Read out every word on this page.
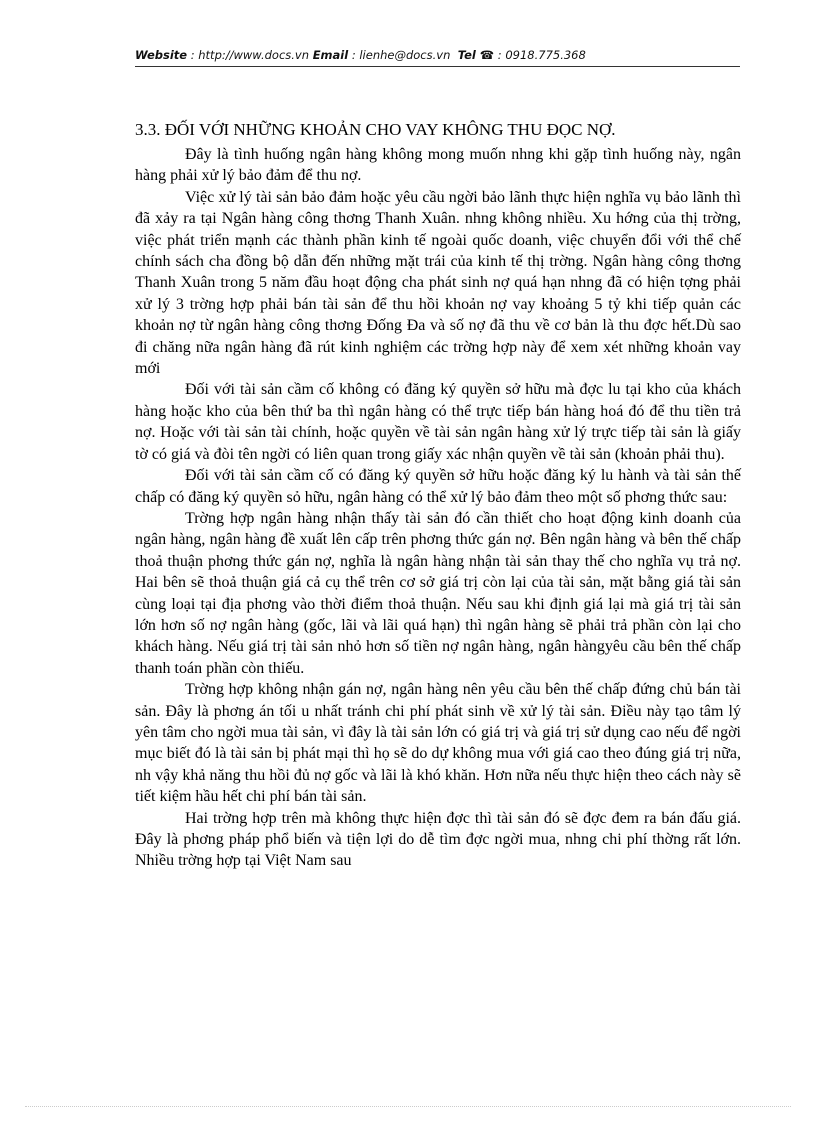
Website : http://www.docs.vn Email : lienhe@docs.vn Tel ☎ : 0918.775.368
3.3. ĐỐI VỚI NHỮNG KHOẢN CHO VAY KHÔNG THU ĐỌC NỢ.

Đây là tình huống ngân hàng không mong muốn nhng khi gặp tình huống này, ngân hàng phải xử lý bảo đảm để thu nợ.

Việc xử lý tài sản bảo đảm hoặc yêu cầu ngời bảo lãnh thực hiện nghĩa vụ bảo lãnh thì đã xảy ra tại Ngân hàng công thơng Thanh Xuân. nhng không nhiều. Xu hớng của thị trờng, việc phát triển mạnh các thành phần kinh tế ngoài quốc doanh, việc chuyển đổi với thể chế chính sách cha đồng bộ dẫn đến những mặt trái của kinh tế thị trờng. Ngân hàng công thơng Thanh Xuân trong 5 năm đầu hoạt động cha phát sinh nợ quá hạn nhng đã có hiện tợng phải xử lý 3 trờng hợp phải bán tài sản để thu hồi khoản nợ vay khoảng 5 tỷ khi tiếp quản các khoản nợ từ ngân hàng công thơng Đống Đa và số nợ đã thu về cơ bản là thu đợc hết.Dù sao đi chăng nữa ngân hàng đã rút kinh nghiệm các trờng hợp này để xem xét những khoản vay mới

Đối với tài sản cầm cố không có đăng ký quyền sở hữu mà đợc lu tại kho của khách hàng hoặc kho của bên thứ ba thì ngân hàng có thể trực tiếp bán hàng hoá đó để thu tiền trả nợ. Hoặc với tài sản tài chính, hoặc quyền về tài sản ngân hàng xử lý trực tiếp tài sản là giấy tờ có giá và đòi tên ngời có liên quan trong giấy xác nhận quyền về tài sản (khoản phải thu).

Đối với tài sản cầm cố có đăng ký quyền sở hữu hoặc đăng ký lu hành và tài sản thế chấp có đăng ký quyền sỏ hữu, ngân hàng có thể xử lý bảo đảm theo một số phơng thức sau:

Trờng hợp ngân hàng nhận thấy tài sản đó cần thiết cho hoạt động kinh doanh của ngân hàng, ngân hàng đề xuất lên cấp trên phơng thức gán nợ. Bên ngân hàng và bên thế chấp thoả thuận phơng thức gán nợ, nghĩa là ngân hàng nhận tài sản thay thế cho nghĩa vụ trả nợ. Hai bên sẽ thoả thuận giá cả cụ thể trên cơ sở giá trị còn lại của tài sản, mặt bằng giá tài sản cùng loại tại địa phơng vào thời điểm thoả thuận. Nếu sau khi định giá lại mà giá trị tài sản lớn hơn số nợ ngân hàng (gốc, lãi và lãi quá hạn) thì ngân hàng sẽ phải trả phần còn lại cho khách hàng. Nếu giá trị tài sản nhỏ hơn số tiền nợ ngân hàng, ngân hàngyêu cầu bên thế chấp thanh toán phần còn thiếu.

Trờng hợp không nhận gán nợ, ngân hàng nên yêu cầu bên thế chấp đứng chủ bán tài sản. Đây là phơng án tối u nhất tránh chi phí phát sinh về xử lý tài sản. Điều này tạo tâm lý yên tâm cho ngời mua tài sản, vì đây là tài sản lớn có giá trị và giá trị sử dụng cao nếu để ngời mục biết đó là tài sản bị phát mại thì họ sẽ do dự không mua với giá cao theo đúng giá trị nữa, nh vậy khả năng thu hồi đủ nợ gốc và lãi là khó khăn. Hơn nữa nếu thực hiện theo cách này sẽ tiết kiệm hầu hết chi phí bán tài sản.

Hai trờng hợp trên mà không thực hiện đợc thì tài sản đó sẽ đợc đem ra bán đấu giá. Đây là phơng pháp phổ biến và tiện lợi do dễ tìm đợc ngời mua, nhng chi phí thờng rất lớn. Nhiều trờng hợp tại Việt Nam sau
